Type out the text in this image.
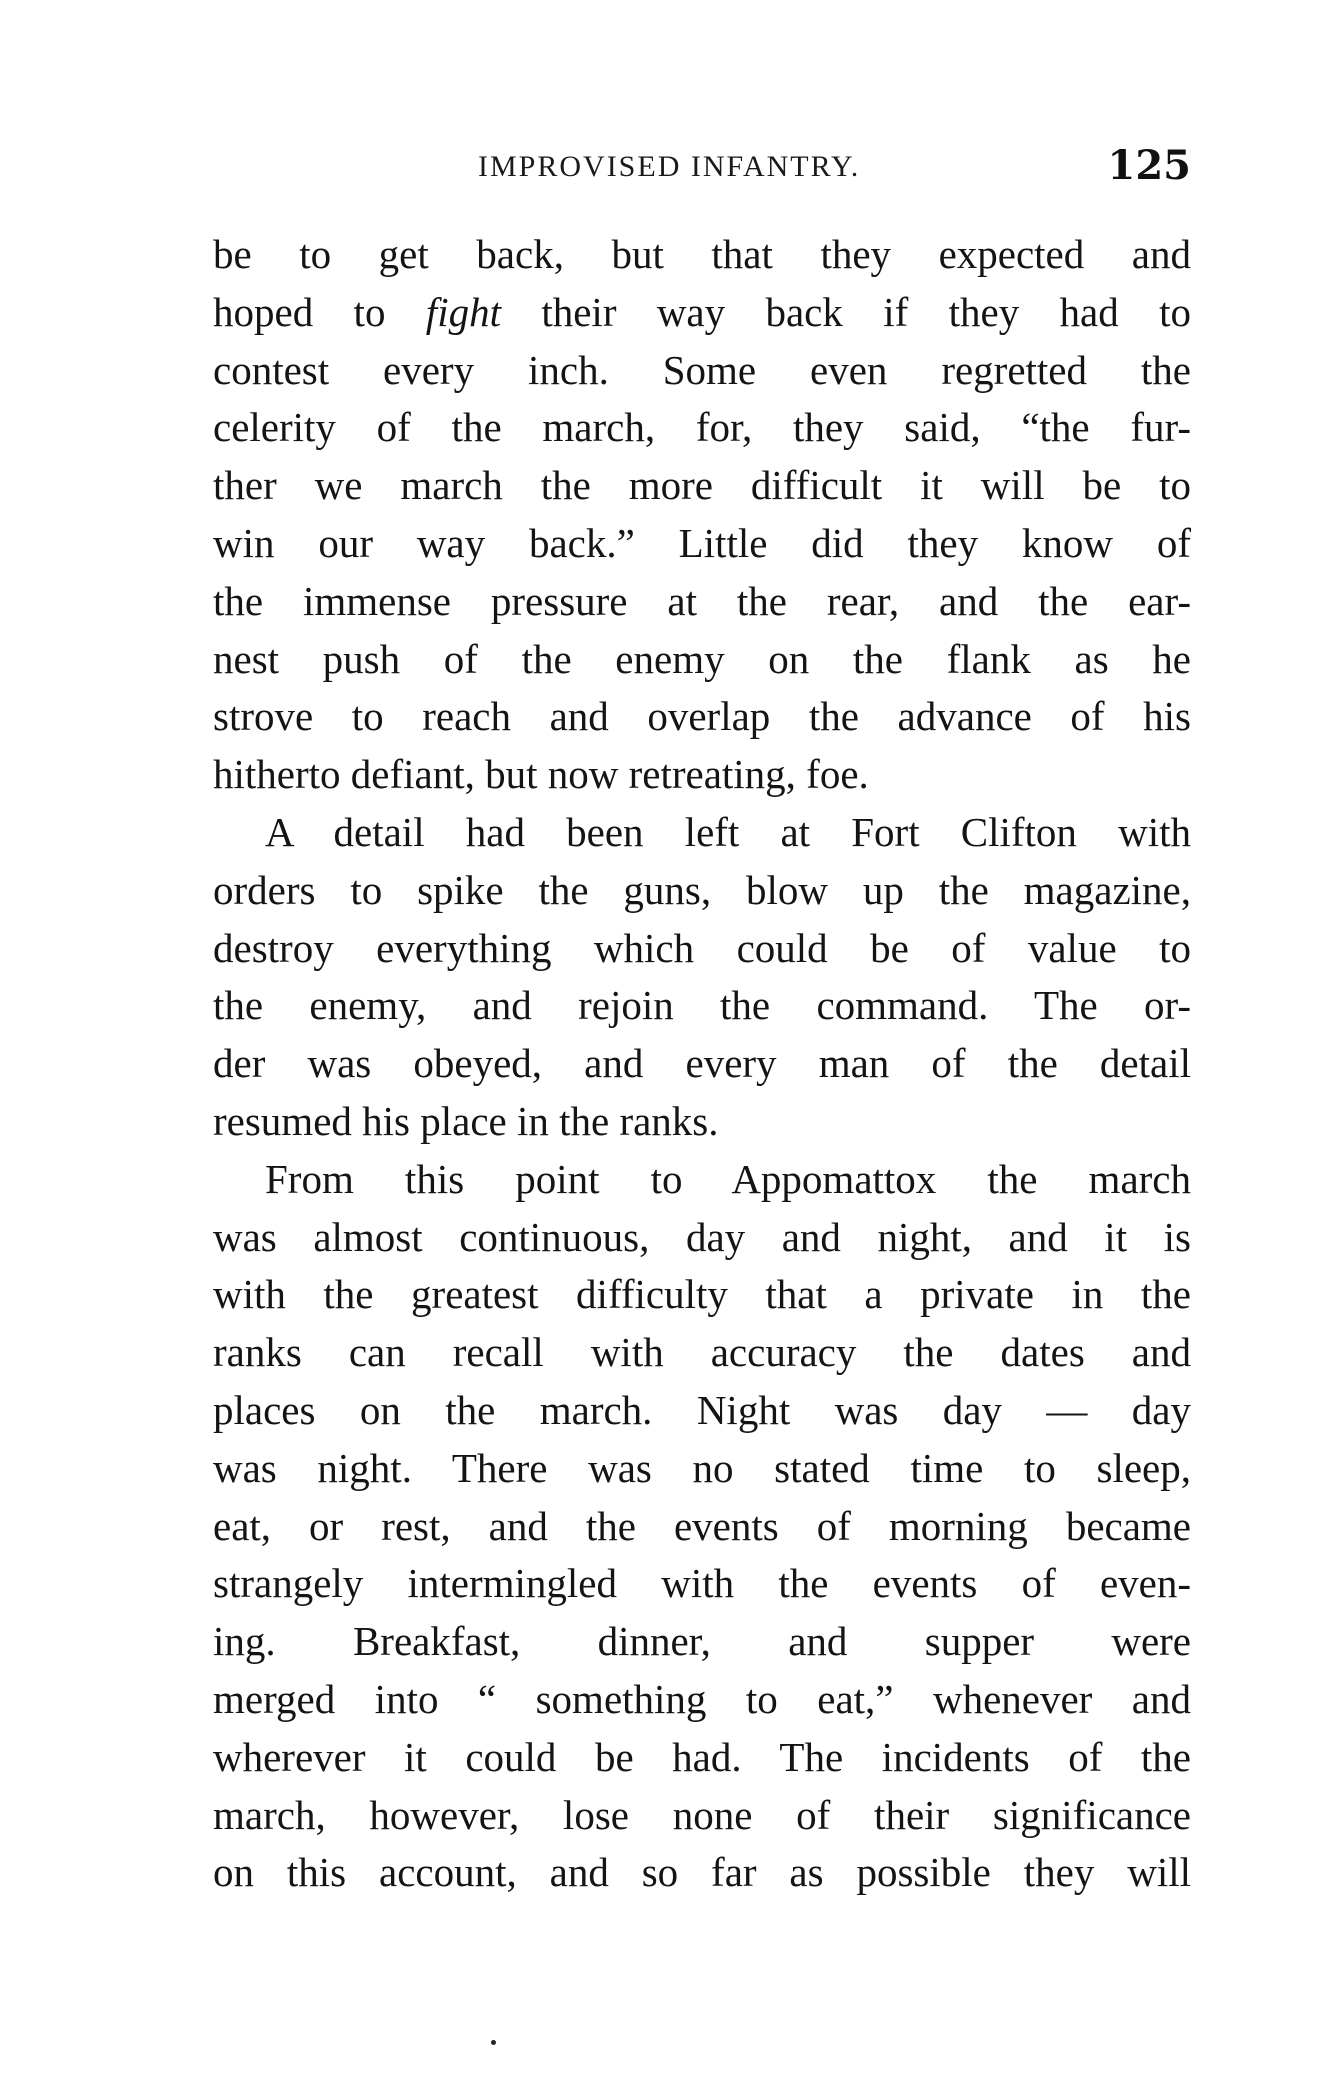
IMPROVISED INFANTRY.	125
be to get back, but that they expected and
hoped to fight their way back if they had to
contest every inch. Some even regretted the
celerity of the march, for, they said, “the fur-
ther we march the more difficult it will be to
win our way back.” Little did they know of
the immense pressure at the rear, and the ear-
nest push of the enemy on the flank as he
strove to reach and overlap the advance of his
hitherto defiant, but now retreating, foe.
A detail had been left at Fort Clifton with
orders to spike the guns, blow up the magazine,
destroy everything which could be of value to
the enemy, and rejoin the command. The or-
der was obeyed, and every man of the detail
resumed his place in the ranks.
From this point to Appomattox the march
was almost continuous, day and night, and it is
with the greatest difficulty that a private in the
ranks can recall with accuracy the dates and
places on the march. Night was day — day
was night. There was no stated time to sleep,
eat, or rest, and the events of morning became
strangely intermingled with the events of even-
ing. Breakfast, dinner, and supper were
merged into “ something to eat,” whenever and
wherever it could be had. The incidents of the
march, however, lose none of their significance
on this account, and so far as possible they will
